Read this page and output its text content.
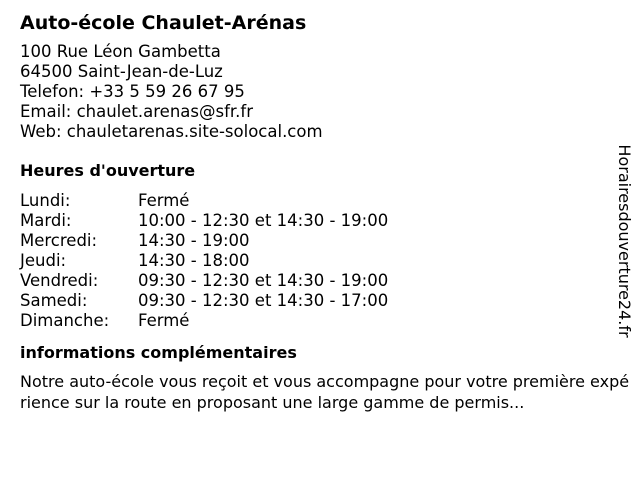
Auto-école Chaulet-Arénas
100 Rue Léon Gambetta
64500 Saint-Jean-de-Luz
Telefon: +33 5 59 26 67 95
Email: chaulet.arenas@sfr.fr
Web: chauletarenas.site-solocal.com
Heures d'ouverture
Lundi:	Fermé
Mardi:	10:00 - 12:30 et 14:30 - 19:00
Mercredi:	14:30 - 19:00
Jeudi:	14:30 - 18:00
Vendredi:	09:30 - 12:30 et 14:30 - 19:00
Samedi:	09:30 - 12:30 et 14:30 - 17:00
Dimanche:	Fermé
informations complémentaires

Notre auto-école vous reçoit et vous accompagne pour votre première expérience sur la route en proposant une large gamme de permis...

Horairesdouverture24.fr
